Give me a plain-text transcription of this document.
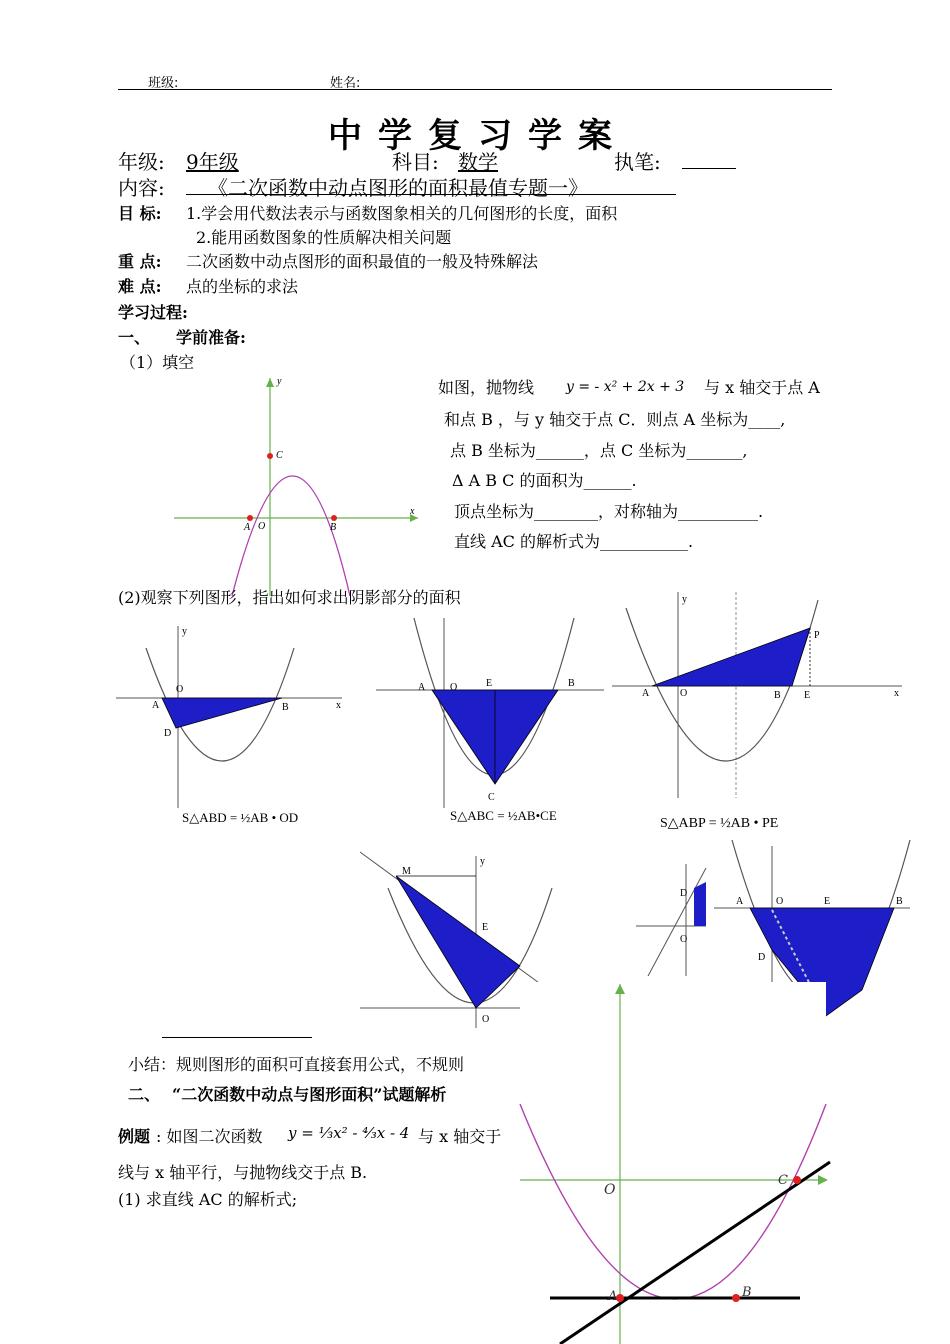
班级:	姓名:
中学复习学案
年级: 9年级	科目: 数学	执笔:
内容: 《二次函数中动点图形的面积最值专题一》
目 标: 1.学会用代数法表示与函数图象相关的几何图形的长度，面积
2.能用函数图象的性质解决相关问题
重 点: 二次函数中动点图形的面积最值的一般及特殊解法
难 点: 点的坐标的求法
学习过程:
一、 学前准备:
（1）填空
x
y
O
A	B
C
如图，抛物线 y = - x² + 2x + 3 与 x 轴交于点 A
和点 B ，与 y 轴交于点 C．则点 A 坐标为____,
点 B 坐标为______，点 C 坐标为_______,
Δ A B C 的面积为______.
顶点坐标为________，对称轴为__________.
直线 AC 的解析式为___________.
(2)观察下列图形，指出如何求出阴影部分的面积
A	B
D
O
y
x
S△ABD = ½AB • OD
A O	E	B
C
S△ABC = ½AB•CE
A	O	B E
P
y
x
S△ABP = ½AB • PE
M
E
O
y
D
O
A	O	E	B
D
小结：规则图形的面积可直接套用公式，不规则
二、 “二次函数中动点与图形面积”试题解析
例题 : 如图二次函数 y = ⅓x² - ⁴⁄₃x - 4 与 x 轴交于
线与 x 轴平行，与抛物线交于点 B.
(1) 求直线 AC 的解析式;	O
A	B
C
